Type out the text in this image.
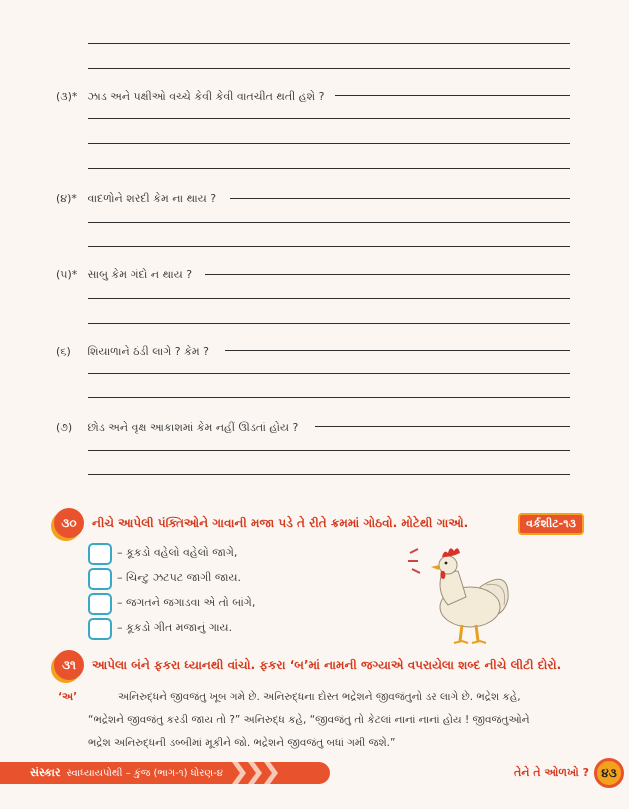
(૩)* ઝાડ અને પક્ષીઓ વચ્ચે કેવી કેવી વાતચીત થતી હશે ?
(૪)* વાદળોને શરદી કેમ ના થાય ?
(૫)* સાબુ કેમ ગંદો ન થાય ?
(૬) શિયાળાને ઠંડી લાગે ? કેમ ?
(૭) છોડ અને વૃક્ષ આકાશમાં કેમ નહીં ઊડતાં હોય ?
૩૦	નીચે આપેલી પંક્તિઓને ગાવાની મજા પડે તે રીતે ક્રમમાં ગોઠવો. મોટેથી ગાઓ.	વર્કશીટ-૧૩
– કૂકડો વહેલો વહેલો જાગે,
– ચિન્ટુ ઝટપટ જાગી જાય.
– જગતને જગાડવા એ તો બાંગે,
– કૂકડો ગીત મજાનું ગાય.
૩૧	આપેલા બંને ફકરા ધ્યાનથી વાંચો. ફકરા ‘બ’માં નામની જગ્યાએ વપરાયેલા શબ્દ નીચે લીટી દોરો.
‘અ’	અનિરુદ્ધને જીવજંતુ ખૂબ ગમે છે. અનિરુદ્ધના દોસ્ત ભદ્રેશને જીવજંતુનો ડર લાગે છે. ભદ્રેશ કહે,
“ભદ્રેશને જીવજંતુ કરડી જાય તો ?” અનિરુદ્ધ કહે, “જીવજંતુ તો કેટલાં નાનાં નાનાં હોય ! જીવજંતુઓને
ભદ્રેશ અનિરુદ્ધની ડબ્બીમાં મૂકીને જો. ભદ્રેશને જીવજંતુ બધાં ગમી જશે.”
સંસ્કાર સ્વાધ્યાયપોથી – કુંજ (ભાગ-૧) ધોરણ-૪	તેને તે ઓળખો ?	૪૩
